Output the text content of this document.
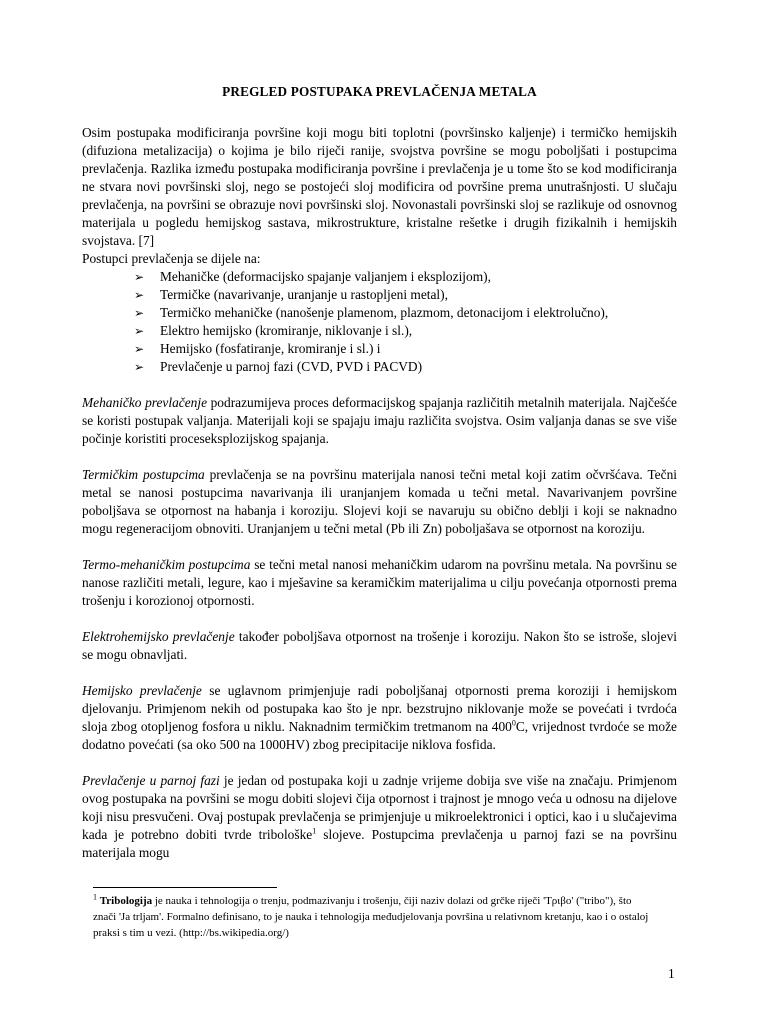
PREGLED POSTUPAKA PREVLAČENJA METALA

Osim postupaka modificiranja površine koji mogu biti toplotni (površinsko kaljenje) i termičko hemijskih (difuziona metalizacija) o kojima je bilo riječi ranije, svojstva površine se mogu poboljšati i postupcima prevlačenja. Razlika između postupaka modificiranja površine i prevlačenja je u tome što se kod modificiranja ne stvara novi površinski sloj, nego se postojeći sloj modificira od površine prema unutrašnjosti. U slučaju prevlačenja, na površini se obrazuje novi površinski sloj. Novonastali površinski sloj se razlikuje od osnovnog materijala u pogledu hemijskog sastava, mikrostrukture, kristalne rešetke i drugih fizikalnih i hemijskih svojstava. [7]

Postupci prevlačenja se dijele na:

➢ Mehaničke (deformacijsko spajanje valjanjem i eksplozijom),
➢ Termičke (navarivanje, uranjanje u rastopljeni metal),
➢ Termičko mehaničke (nanošenje plamenom, plazmom, detonacijom i elektrolučno),
➢ Elektro hemijsko (kromiranje, niklovanje i sl.),
➢ Hemijsko (fosfatiranje, kromiranje i sl.) i
➢ Prevlačenje u parnoj fazi (CVD, PVD i PACVD)

Mehaničko prevlačenje podrazumijeva proces deformacijskog spajanja različitih metalnih materijala. Najčešće se koristi postupak valjanja. Materijali koji se spajaju imaju različita svojstva. Osim valjanja danas se sve više počinje koristiti proceseksplozijskog spajanja.

Termičkim postupcima prevlačenja se na površinu materijala nanosi tečni metal koji zatim očvršćava. Tečni metal se nanosi postupcima navarivanja ili uranjanjem komada u tečni metal. Navarivanjem površine poboljšava se otpornost na habanja i koroziju. Slojevi koji se navaruju su obično deblji i koji se naknadno mogu regeneracijom obnoviti. Uranjanjem u tečni metal (Pb ili Zn) poboljašava se otpornost na koroziju.

Termo-mehaničkim postupcima se tečni metal nanosi mehaničkim udarom na površinu metala. Na površinu se nanose različiti metali, legure, kao i mješavine sa keramičkim materijalima u cilju povećanja otpornosti prema trošenju i korozionoj otpornosti.

Elektrohemijsko prevlačenje također poboljšava otpornost na trošenje i koroziju. Nakon što se istroše, slojevi se mogu obnavljati.

Hemijsko prevlačenje se uglavnom primjenjuje radi poboljšanaj otpornosti prema koroziji i hemijskom djelovanju. Primjenom nekih od postupaka kao što je npr. bezstrujno niklovanje može se povećati i tvrdoća sloja zbog otopljenog fosfora u niklu. Naknadnim termičkim tretmanom na $400^0C$, vrijednost tvrdoće se može dodatno povećati (sa oko 500 na 1000HV) zbog precipitacije niklova fosfida.

Prevlačenje u parnoj fazi je jedan od postupaka koji u zadnje vrijeme dobija sve više na značaju. Primjenom ovog postupaka na površini se mogu dobiti slojevi čija otpornost i trajnost je mnogo veća u odnosu na dijelove koji nisu presvučeni. Ovaj postupak prevlačenja se primjenjuje u mikroelektronici i optici, kao i u slučajevima kada je potrebno dobiti tvrde tribološke$^1$ slojeve. Postupcima prevlačenja u parnoj fazi se na površinu materijala mogu

$^1$ Tribologija je nauka i tehnologija o trenju, podmazivanju i trošenju, čiji naziv dolazi od grčke riječi 'Τριβο' ("tribo"), što znači 'Ja trljam'. Formalno definisano, to je nauka i tehnologija međudjelovanja površina u relativnom kretanju, kao i o ostaloj praksi s tim u vezi. (http://bs.wikipedia.org/)
1
